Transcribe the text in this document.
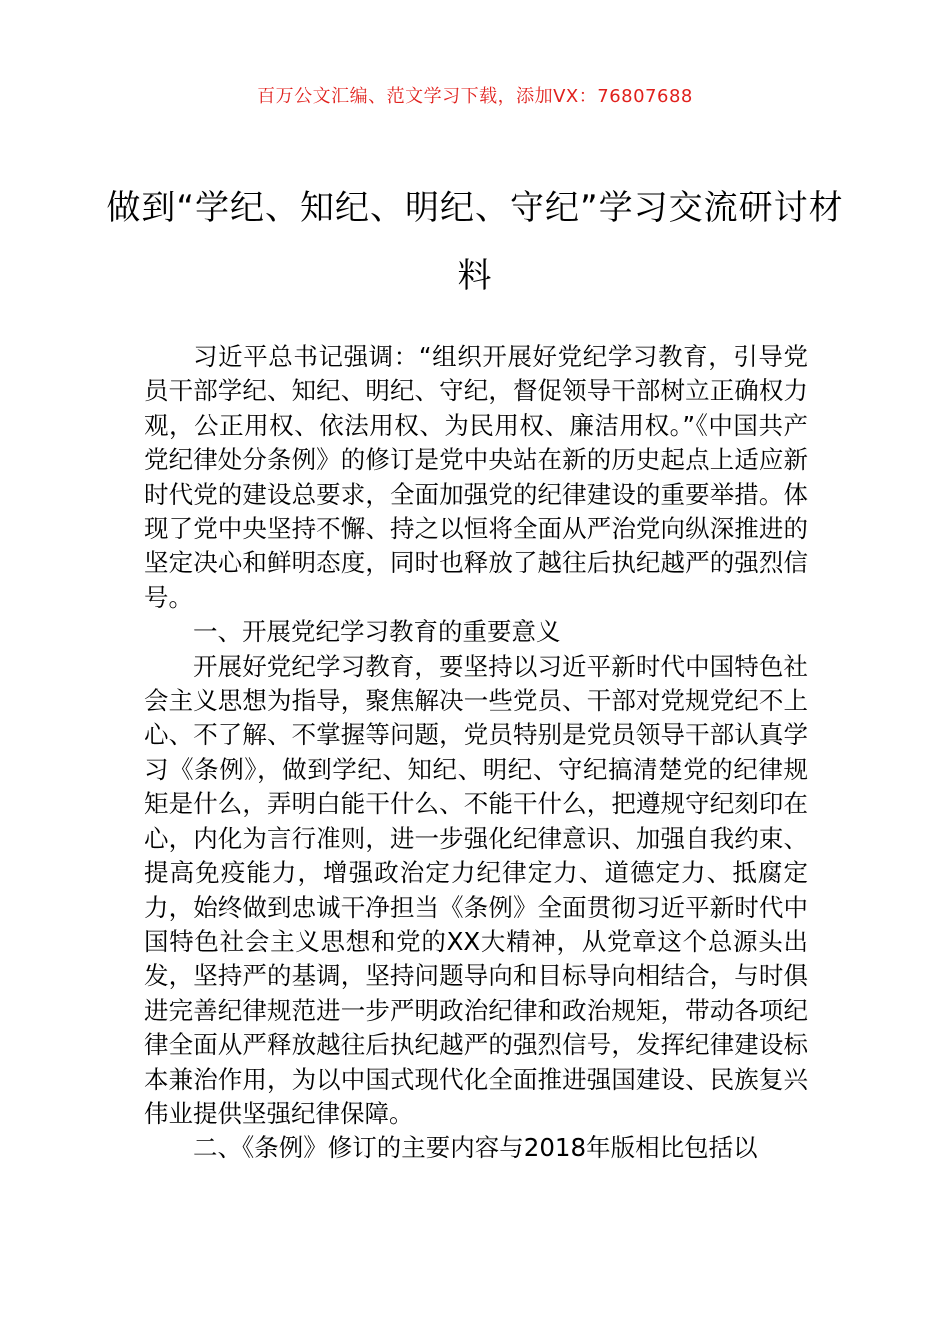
百万公文汇编、范文学习下载，添加VX：76807688
做到“学纪、知纪、明纪、守纪”学习交流研讨材料

习近平总书记强调：“组织开展好党纪学习教育，引导党员干部学纪、知纪、明纪、守纪，督促领导干部树立正确权力观，公正用权、依法用权、为民用权、廉洁用权。”《中国共产党纪律处分条例》的修订是党中央站在新的历史起点上适应新时代党的建设总要求，全面加强党的纪律建设的重要举措。体现了党中央坚持不懈、持之以恒将全面从严治党向纵深推进的坚定决心和鲜明态度，同时也释放了越往后执纪越严的强烈信号。

一、开展党纪学习教育的重要意义

开展好党纪学习教育，要坚持以习近平新时代中国特色社会主义思想为指导，聚焦解决一些党员、干部对党规党纪不上心、不了解、不掌握等问题，党员特别是党员领导干部认真学习《条例》，做到学纪、知纪、明纪、守纪搞清楚党的纪律规矩是什么，弄明白能干什么、不能干什么，把遵规守纪刻印在心，内化为言行准则，进一步强化纪律意识、加强自我约束、提高免疫能力，增强政治定力纪律定力、道德定力、抵腐定力，始终做到忠诚干净担当《条例》全面贯彻习近平新时代中国特色社会主义思想和党的XX大精神，从党章这个总源头出发，坚持严的基调，坚持问题导向和目标导向相结合，与时俱进完善纪律规范进一步严明政治纪律和政治规矩，带动各项纪律全面从严释放越往后执纪越严的强烈信号，发挥纪律建设标本兼治作用，为以中国式现代化全面推进强国建设、民族复兴伟业提供坚强纪律保障。

二、《条例》修订的主要内容与2018年版相比包括以
